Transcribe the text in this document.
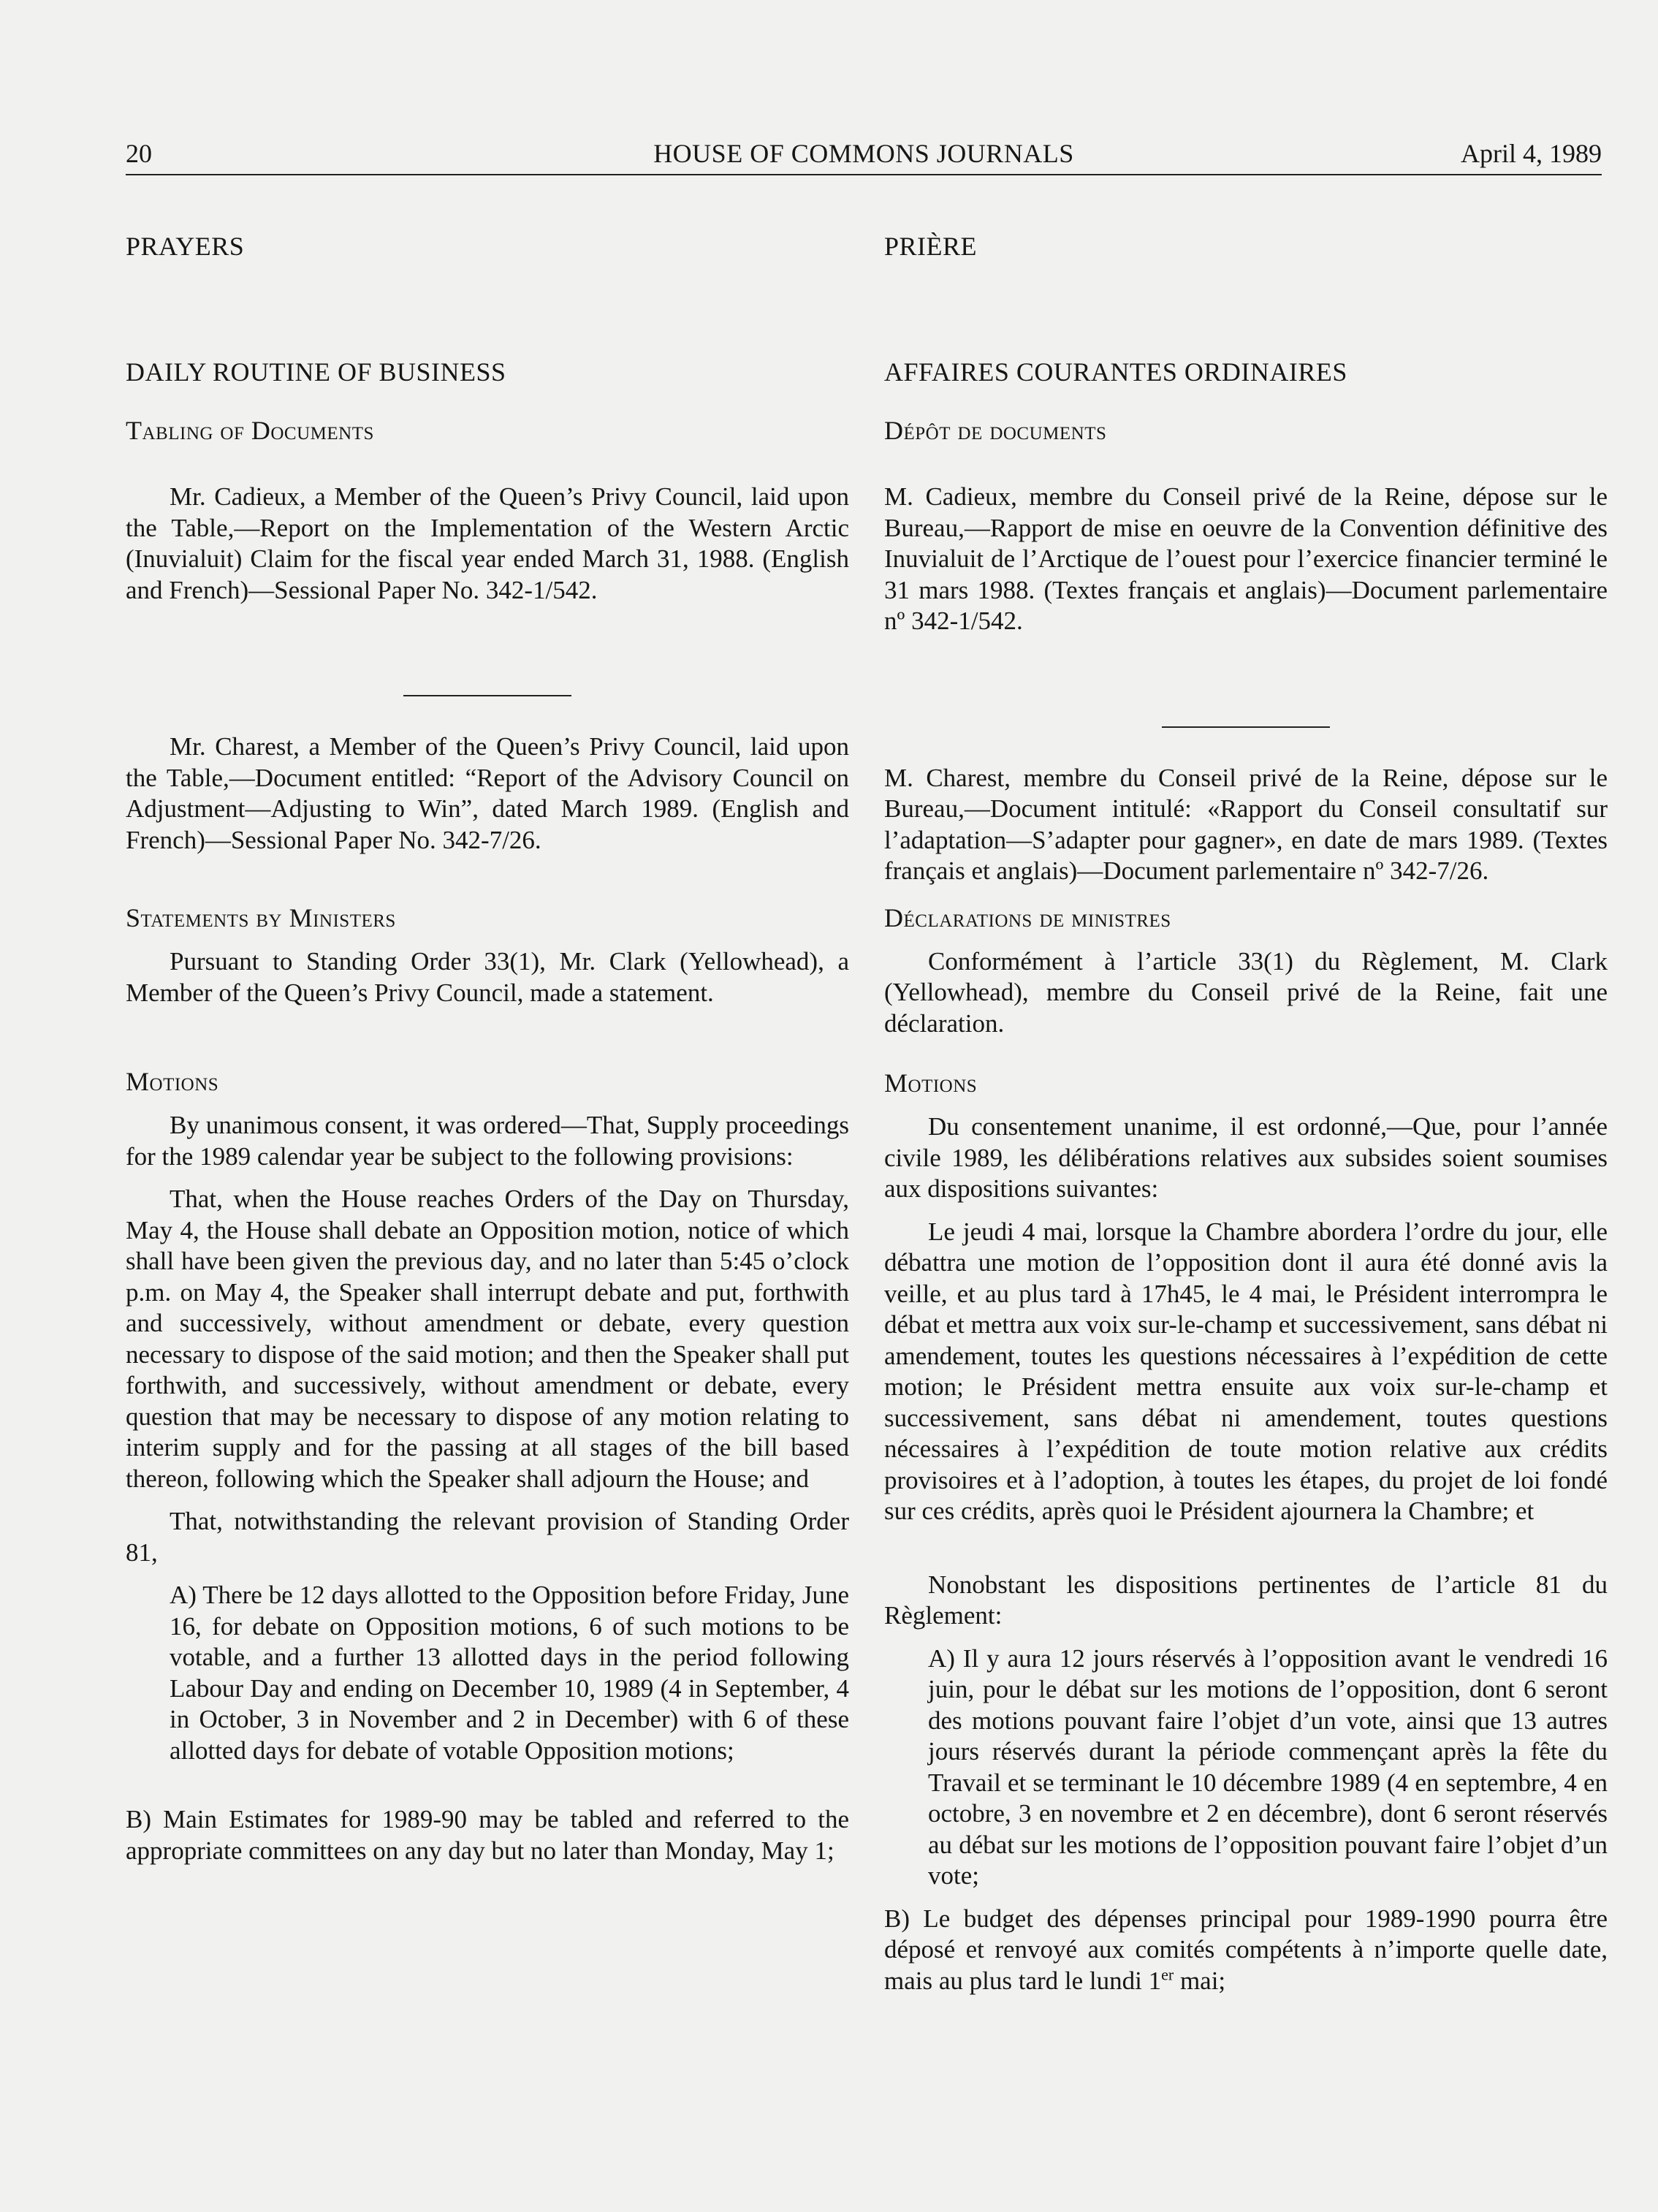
20	HOUSE OF COMMONS JOURNALS	April 4, 1989
PRAYERS
DAILY ROUTINE OF BUSINESS
Tabling of Documents

Mr. Cadieux, a Member of the Queen’s Privy Council, laid upon the Table,—Report on the Implementation of the Western Arctic (Inuvialuit) Claim for the fiscal year ended March 31, 1988. (English and French)—Sessional Paper No. 342-1/542.

Mr. Charest, a Member of the Queen’s Privy Council, laid upon the Table,—Document entitled: “Report of the Advisory Council on Adjustment—Adjusting to Win”, dated March 1989. (English and French)—Sessional Paper No. 342-7/26.

Statements by Ministers

Pursuant to Standing Order 33(1), Mr. Clark (Yellowhead), a Member of the Queen’s Privy Council, made a statement.

Motions

By unanimous consent, it was ordered—That, Supply proceedings for the 1989 calendar year be subject to the following provisions:

That, when the House reaches Orders of the Day on Thursday, May 4, the House shall debate an Opposition motion, notice of which shall have been given the previous day, and no later than 5:45 o’clock p.m. on May 4, the Speaker shall interrupt debate and put, forthwith and successively, without amendment or debate, every question necessary to dispose of the said motion; and then the Speaker shall put forthwith, and successively, without amendment or debate, every question that may be necessary to dispose of any motion relating to interim supply and for the passing at all stages of the bill based thereon, following which the Speaker shall adjourn the House; and

That, notwithstanding the relevant provision of Standing Order 81,

A) There be 12 days allotted to the Opposition before Friday, June 16, for debate on Opposition motions, 6 of such motions to be votable, and a further 13 allotted days in the period following Labour Day and ending on December 10, 1989 (4 in September, 4 in October, 3 in November and 2 in December) with 6 of these allotted days for debate of votable Opposition motions;

B) Main Estimates for 1989-90 may be tabled and referred to the appropriate committees on any day but no later than Monday, May 1;

PRIÈRE
AFFAIRES COURANTES ORDINAIRES
Dépôt de documents

M. Cadieux, membre du Conseil privé de la Reine, dépose sur le Bureau,—Rapport de mise en oeuvre de la Convention définitive des Inuvialuit de l’Arctique de l’ouest pour l’exercice financier terminé le 31 mars 1988. (Textes français et anglais)—Document parlementaire nº 342-1/542.

M. Charest, membre du Conseil privé de la Reine, dépose sur le Bureau,—Document intitulé: «Rapport du Conseil consultatif sur l’adaptation—S’adapter pour gagner», en date de mars 1989. (Textes français et anglais)—Document parlementaire nº 342-7/26.

Déclarations de ministres

Conformément à l’article 33(1) du Règlement, M. Clark (Yellowhead), membre du Conseil privé de la Reine, fait une déclaration.

Motions

Du consentement unanime, il est ordonné,—Que, pour l’année civile 1989, les délibérations relatives aux subsides soient soumises aux dispositions suivantes:

Le jeudi 4 mai, lorsque la Chambre abordera l’ordre du jour, elle débattra une motion de l’opposition dont il aura été donné avis la veille, et au plus tard à 17h45, le 4 mai, le Président interrompra le débat et mettra aux voix sur-le-champ et successivement, sans débat ni amendement, toutes les questions nécessaires à l’expédition de cette motion; le Président mettra ensuite aux voix sur-le-champ et successivement, sans débat ni amendement, toutes questions nécessaires à l’expédition de toute motion relative aux crédits provisoires et à l’adoption, à toutes les étapes, du projet de loi fondé sur ces crédits, après quoi le Président ajournera la Chambre; et

Nonobstant les dispositions pertinentes de l’article 81 du Règlement:

A) Il y aura 12 jours réservés à l’opposition avant le vendredi 16 juin, pour le débat sur les motions de l’opposition, dont 6 seront des motions pouvant faire l’objet d’un vote, ainsi que 13 autres jours réservés durant la période commençant après la fête du Travail et se terminant le 10 décembre 1989 (4 en septembre, 4 en octobre, 3 en novembre et 2 en décembre), dont 6 seront réservés au débat sur les motions de l’opposition pouvant faire l’objet d’un vote;

B) Le budget des dépenses principal pour 1989-1990 pourra être déposé et renvoyé aux comités compétents à n’importe quelle date, mais au plus tard le lundi 1er mai;
